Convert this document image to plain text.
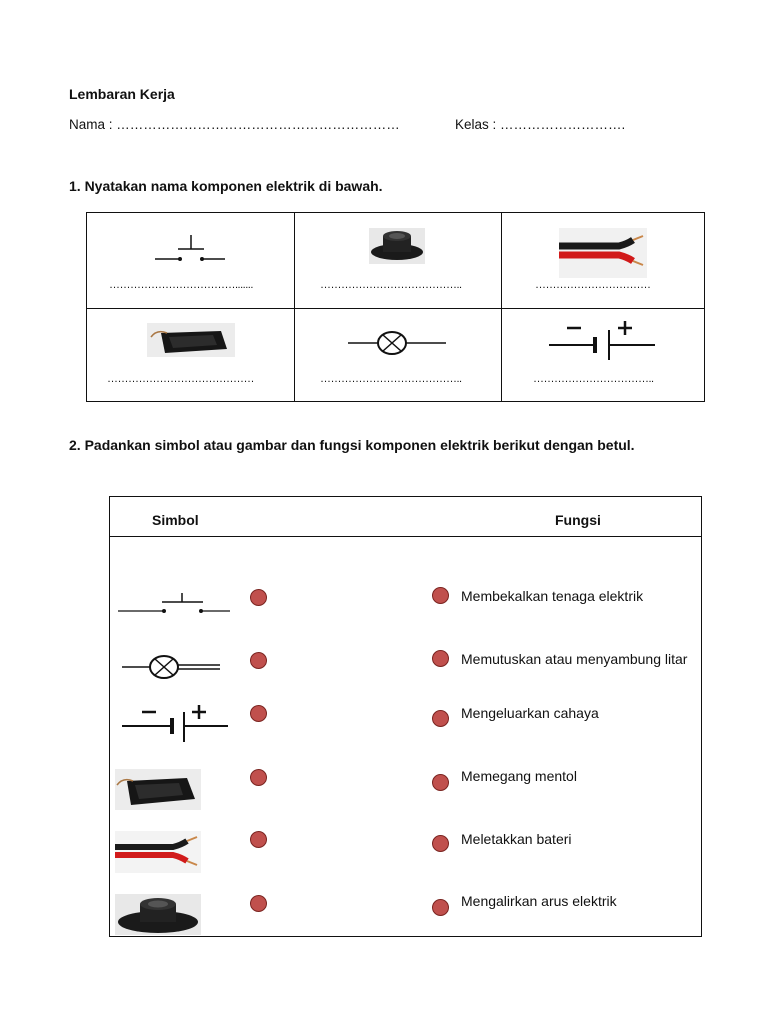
Lembaran Kerja
Nama : ………………………………………………………	Kelas : ……………………….
1. Nyatakan nama komponen elektrik di bawah.
……………………………….......	…………………………………..	……………………………
……………………………………	…………………………………..	……………………………..
2. Padankan simbol atau gambar dan fungsi komponen elektrik berikut dengan betul.
Simbol	Fungsi
Membekalkan tenaga elektrik
Memutuskan atau menyambung litar
Mengeluarkan cahaya
Memegang mentol
Meletakkan bateri
Mengalirkan arus elektrik
